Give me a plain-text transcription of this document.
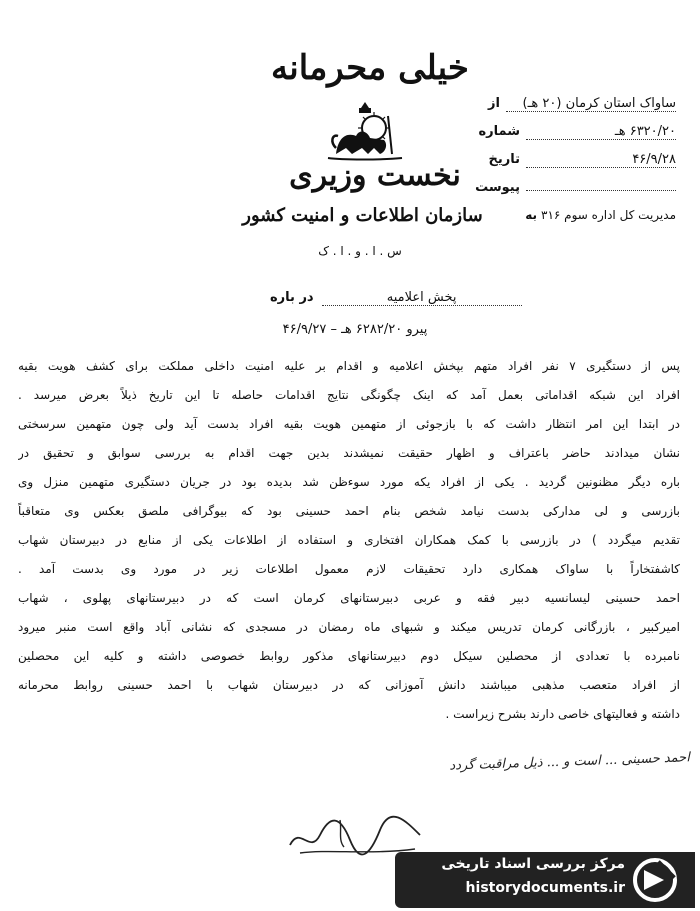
خیلی محرمانه
نخست وزیری
سازمان اطلاعات و امنیت کشور
س . ا . و . ا . ک
از	ساواک استان کرمان (۲۰ هـ)
شماره	۶۳۲۰/۲۰ هـ
تاریخ	۴۶/۹/۲۸
پیوست
به مدیریت کل اداره سوم ۳۱۶
در باره	پخش اعلامیه
پیرو ۶۲۸۲/۲۰ هـ – ۴۶/۹/۲۷
پس از دستگیری ۷ نفر افراد متهم بپخش اعلامیه و اقدام بر علیه امنیت داخلی مملکت برای کشف هویت بقیه
افراد این شبکه اقداماتی بعمل آمد که اینک چگونگی نتایج اقدامات حاصله تا این تاریخ ذیلاً بعرض میرسد .
در ابتدا این امر انتظار داشت که با بازجوئی از متهمین هویت بقیه افراد بدست آید ولی چون متهمین سرسختی
نشان میدادند حاضر باعتراف و اظهار حقیقت نمیشدند بدین جهت اقدام به بررسی سوابق و تحقیق در
باره دیگر مظنونین گردید . یکی از افراد یکه مورد سوءظن شد بدیده بود در جریان دستگیری متهمین منزل وی
بازرسی و لی مدارکی بدست نیامد شخص بنام احمد حسینی بود که بیوگرافی ملصق بعکس وی متعاقباً
تقدیم میگردد ) در بازرسی با کمک همکاران افتخاری و استفاده از اطلاعات یکی از منابع در دبیرستان شهاب
کاشفتخاراً با ساواک همکاری دارد تحقیقات لازم معمول اطلاعات زیر در مورد وی بدست آمد .
احمد حسینی لیسانسیه دبیر فقه و عربی دبیرستانهای کرمان است که در دبیرستانهای پهلوی ، شهاب
امیرکبیر ، بازرگانی کرمان تدریس میکند و شبهای ماه رمضان در مسجدی که نشانی آباد واقع است منبر میرود
نامبرده با تعدادی از محصلین سیکل دوم دبیرستانهای مذکور روابط خصوصی داشته و کلیه این محصلین
از افراد متعصب مذهبی میباشند دانش آموزانی که در دبیرستان شهاب با احمد حسینی روابط محرمانه
داشته و فعالیتهای خاصی دارند بشرح زیراست .
احمد حسینی ... است و ... ذیل مراقبت گردد
مرکز بررسی اسناد تاریخی
historydocuments.ir
